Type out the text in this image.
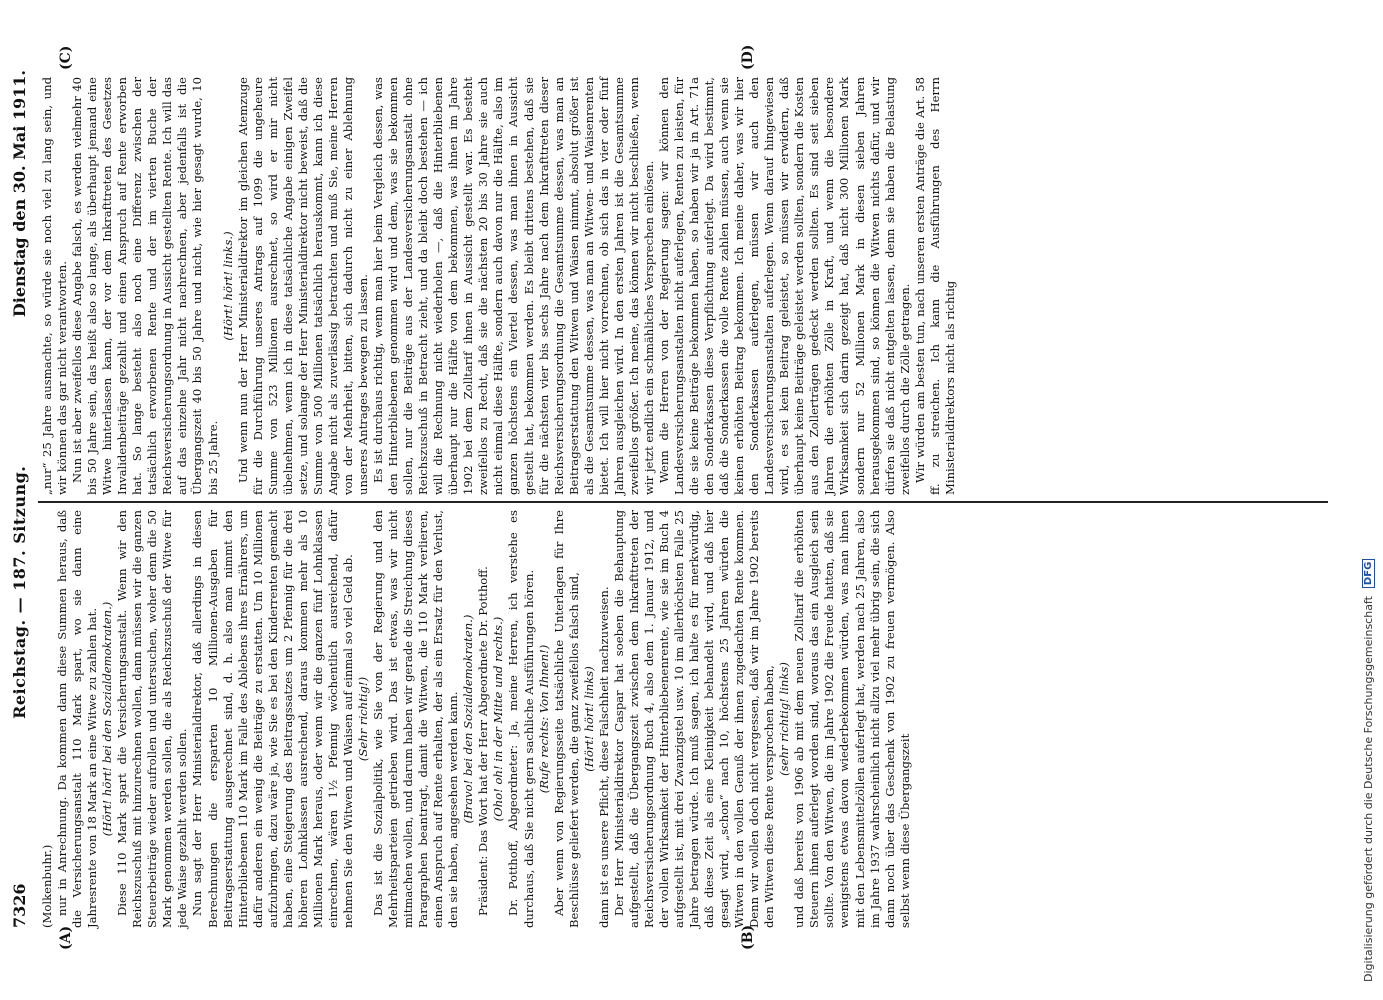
7326
Reichstag. — 187. Sitzung.
Dienstag den 30. Mai 1911.
(A)	(B)
(C)	(D)

(Molkenbuhr.) nur in Anrechnung. Da kommen dann diese Summen heraus, daß die Versicherungsanstalt 110 Mark spart, wo sie dann eine Jahresrente von 18 Mark an eine Witwe zu zahlen hat. (Hört! hört! bei den Sozialdemokraten.) Diese 110 Mark spart die Versicherungsanstalt. Wenn wir den Reichszuschuß mit hinzurechnen wollen, dann müssen wir die ganzen Steuerbeiträge wieder aufrollen und untersuchen, woher denn die 50 Mark genommen werden sollen, die als Reichszuschuß der Witwe für jede Waise gezahlt werden sollen. Nun sagt der Herr Ministerialdirektor, daß allerdings in diesen Berechnungen die ersparten 10 Millionen-Ausgaben für Beitragserstattung ausgerechnet sind, d. h. also man nimmt den Hinterbliebenen 110 Mark im Falle des Ablebens ihres Ernährers, um dafür anderen ein wenig die Beiträge zu erstatten. Um 10 Millionen aufzubringen, dazu wäre ja, wie Sie es bei den Kinderrenten gemacht haben, eine Steigerung des Beitragssatzes um 2 Pfennig für die drei höheren Lohnklassen ausreichend, daraus kommen mehr als 10 Millionen Mark heraus, oder wenn wir die ganzen fünf Lohnklassen einrechnen, wären 1½ Pfennig wöchentlich ausreichend, dafür nehmen Sie den Witwen und Waisen auf einmal so viel Geld ab. (Sehr richtig!) Das ist die Sozialpolitik, wie Sie von der Regierung und den Mehrheitsparteien getrieben wird. Das ist etwas, was wir nicht mitmachen wollen, und darum haben wir gerade die Streichung dieses Paragraphen beantragt, damit die Witwen, die 110 Mark verlieren, einen Anspruch auf Rente erhalten, der als ein Ersatz für den Verlust, den sie haben, angesehen werden kann. (Bravo! bei den Sozialdemokraten.) Präsident: Das Wort hat der Herr Abgeordnete Dr. Potthoff. (Oho! oh! in der Mitte und rechts.) Dr. Potthoff, Abgeordneter: Ja, meine Herren, ich verstehe es durchaus, daß Sie nicht gern sachliche Ausführungen hören. (Rufe rechts: Von Ihnen!) Aber wenn von Regierungsseite tatsächliche Unterlagen für Ihre Beschlüsse geliefert werden, die ganz zweifellos falsch sind, (Hört! hört! links) dann ist es unsere Pflicht, diese Falschheit nachzuweisen. Der Herr Ministerialdirektor Caspar hat soeben die Behauptung aufgestellt, daß die Übergangszeit zwischen dem Inkrafttreten der Reichsversicherungsordnung Buch 4, also dem 1. Januar 1912, und der vollen Wirksamkeit der Hinterbliebenenrente, wie sie im Buch 4 aufgestellt ist, mit drei Zwanzigstel usw. 10 im allerhöchsten Falle 25 Jahre betragen würde. Ich muß sagen, ich halte es für merkwürdig, daß diese Zeit als eine Kleinigkeit behandelt wird, und daß hier gesagt wird, „schon“ nach 10, höchstens 25 Jahren würden die Witwen in den vollen Genuß der ihnen zugedachten Rente kommen. Denn wir wollen doch nicht vergessen, daß wir im Jahre 1902 bereits den Witwen diese Rente versprochen haben, (sehr richtig! links) und daß bereits von 1906 ab mit dem neuen Zolltarif die erhöhten Steuern ihnen auferlegt worden sind, woraus das ein Ausgleich sein sollte. Von den Witwen, die im Jahre 1902 die Freude hatten, daß sie wenigstens etwas davon wiederbekommen würden, was man ihnen mit den Lebensmittelzöllen auferlegt hat, werden nach 25 Jahren, also im Jahre 1937 wahrscheinlich nicht allzu viel mehr übrig sein, die sich dann noch über das Geschenk von 1902 zu freuen vermögen. Also selbst wenn diese Übergangszeit

„nur“ 25 Jahre ausmachte, so würde sie noch viel zu lang sein, und wir können das gar nicht verantworten. Nun ist aber zweifellos diese Angabe falsch, es werden vielmehr 40 bis 50 Jahre sein, das heißt also so lange, als überhaupt jemand eine Witwe hinterlassen kann, der vor dem Inkrafttreten des Gesetzes Invalidenbeiträge gezahlt und einen Anspruch auf Rente erworben hat. So lange besteht also noch eine Differenz zwischen der tatsächlich erworbenen Rente und der im vierten Buche der Reichsversicherungsordnung in Aussicht gestellten Rente. Ich will das auf das einzelne Jahr nicht nachrechnen, aber jedenfalls ist die Übergangszeit 40 bis 50 Jahre und nicht, wie hier gesagt wurde, 10 bis 25 Jahre.

(Hört! hört! links.) Und wenn nun der Herr Ministerialdirektor im gleichen Atemzuge für die Durchführung unseres Antrags auf 1099 die ungeheure Summe von 523 Millionen ausrechnet, so wird er mir nicht übelnehmen, wenn ich in diese tatsächliche Angabe einigen Zweifel setze, und solange der Herr Ministerialdirektor nicht beweist, daß die Summe von 500 Millionen tatsächlich herauskommt, kann ich diese Angabe nicht als zuverlässig betrachten und muß Sie, meine Herren von der Mehrheit, bitten, sich dadurch nicht zu einer Ablehnung unseres Antrages bewegen zu lassen. Es ist durchaus richtig, wenn man hier beim Vergleich dessen, was den Hinterbliebenen genommen wird und dem, was sie bekommen sollen, nur die Beiträge aus der Landesversicherungsanstalt ohne Reichszuschuß in Betracht zieht, und da bleibt doch bestehen — ich will die Rechnung nicht wiederholen —, daß die Hinterbliebenen überhaupt nur die Hälfte von dem bekommen, was ihnen im Jahre 1902 bei dem Zolltarif ihnen in Aussicht gestellt war. Es besteht zweifellos zu Recht, daß sie die nächsten 20 bis 30 Jahre sie auch nicht einmal diese Hälfte, sondern auch davon nur die Hälfte, also im ganzen höchstens ein Viertel dessen, was man ihnen in Aussicht gestellt hat, bekommen werden. Es bleibt drittens bestehen, daß sie für die nächsten vier bis sechs Jahre nach dem Inkrafttreten dieser Reichsversicherungsordnung die Gesamtsumme dessen, was man an Beitragserstattung den Witwen und Waisen nimmt, absolut größer ist als die Gesamtsumme dessen, was man an Witwen- und Waisenrenten bietet. Ich will hier nicht vorrechnen, ob sich das in vier oder fünf Jahren ausgleichen wird. In den ersten Jahren ist die Gesamtsumme zweifellos größer. Ich meine, das können wir nicht beschließen, wenn wir jetzt endlich ein schmähliches Versprechen einlösen. Wenn die Herren von der Regierung sagen: wir können den Landesversicherungsanstalten nicht auferlegen, Renten zu leisten, für die sie keine Beiträge bekommen haben, so haben wir ja in Art. 71a den Sonderkassen diese Verpflichtung auferlegt. Da wird bestimmt, daß die Sonderkassen die volle Rente zahlen müssen, auch wenn sie keinen erhöhten Beitrag bekommen. Ich meine daher, was wir hier den Sonderkassen auferlegen, müssen wir auch den Landesversicherungsanstalten auferlegen. Wenn darauf hingewiesen wird, es sei kein Beitrag geleistet, so müssen wir erwidern, daß überhaupt keine Beiträge geleistet werden sollten, sondern die Kosten aus den Zollerträgen gedeckt werden sollten. Es sind seit sieben Jahren die erhöhten Zölle in Kraft, und wenn die besondere Wirksamkeit sich darin gezeigt hat, daß nicht 300 Millionen Mark sondern nur 52 Millionen Mark in diesen sieben Jahren herausgekommen sind, so können die Witwen nichts dafür, und wir dürfen sie daß nicht entgelten lassen, denn sie haben die Belastung zweifellos durch die Zölle getragen. Wir würden am besten tun, nach unseren ersten Anträge die Art. 58 ff. zu streichen. Ich kann die Ausführungen des Herrn Ministerialdirektors nicht als richtig

Digitalisierung gefördert durch die Deutsche Forschungsgemeinschaft
DFG
